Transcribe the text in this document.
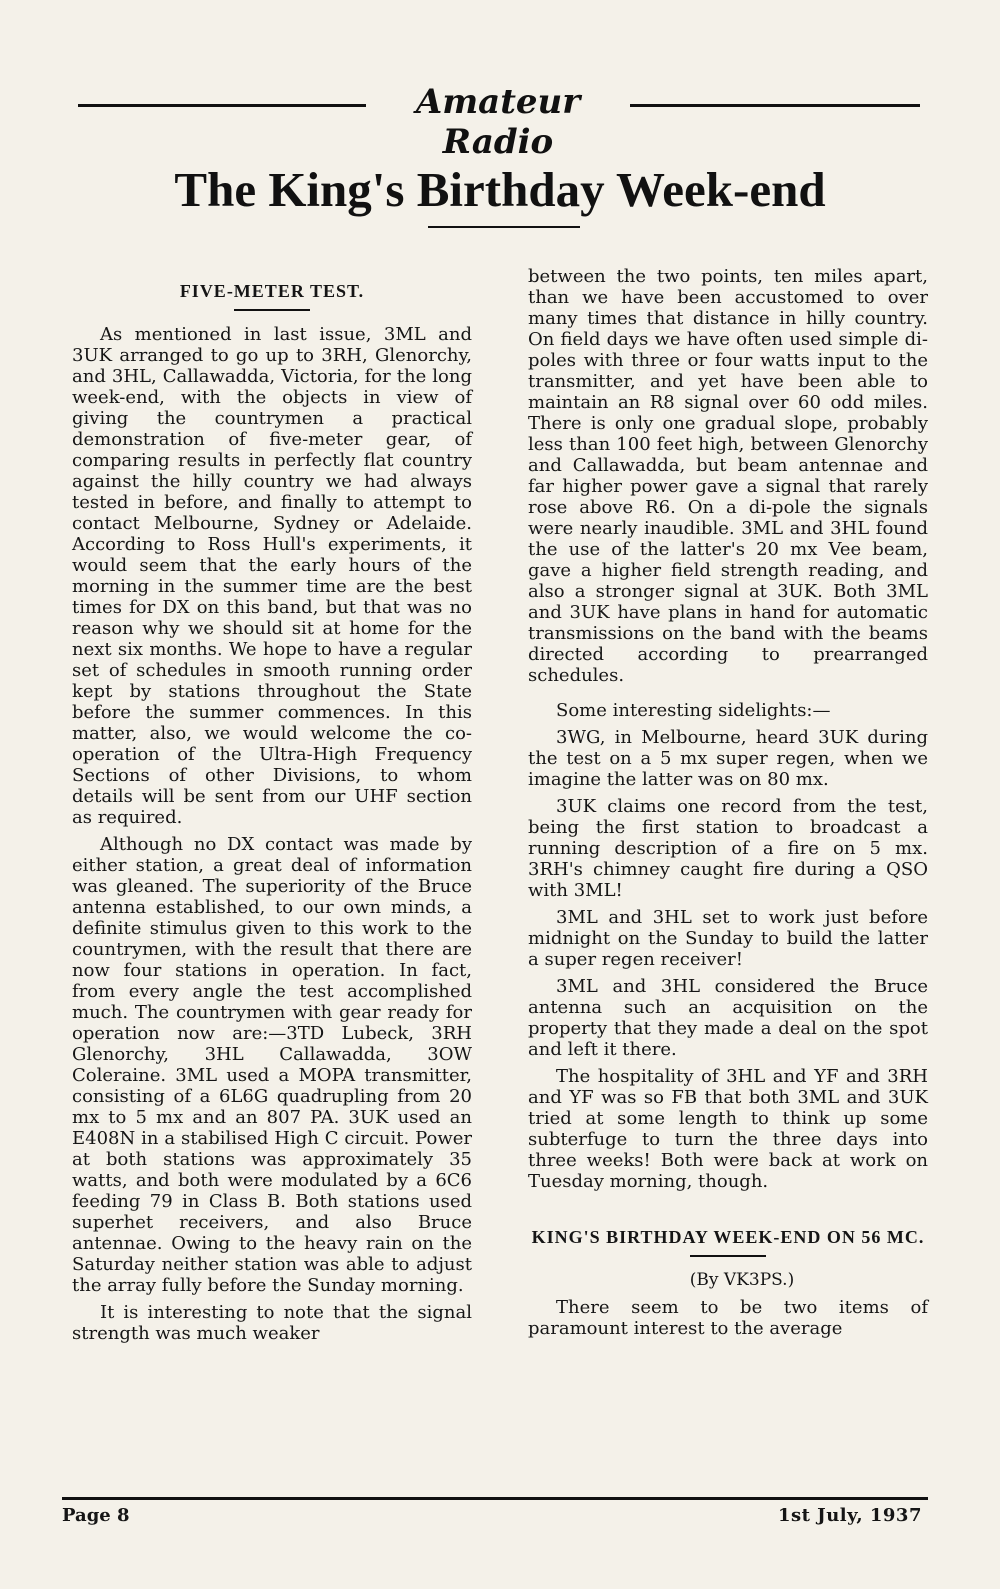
Amateur Radio
The King's Birthday Week-end
FIVE-METER TEST.

As mentioned in last issue, 3ML and 3UK arranged to go up to 3RH, Glenorchy, and 3HL, Callawadda, Victoria, for the long week-end, with the objects in view of giving the countrymen a practical demonstration of five-meter gear, of comparing results in perfectly flat country against the hilly country we had always tested in before, and finally to attempt to contact Melbourne, Sydney or Adelaide. According to Ross Hull's experiments, it would seem that the early hours of the morning in the summer time are the best times for DX on this band, but that was no reason why we should sit at home for the next six months. We hope to have a regular set of schedules in smooth running order kept by stations throughout the State before the summer commences. In this matter, also, we would welcome the co-operation of the Ultra-High Frequency Sections of other Divisions, to whom details will be sent from our UHF section as required.

Although no DX contact was made by either station, a great deal of information was gleaned. The superiority of the Bruce antenna established, to our own minds, a definite stimulus given to this work to the countrymen, with the result that there are now four stations in operation. In fact, from every angle the test accomplished much. The countrymen with gear ready for operation now are:—3TD Lubeck, 3RH Glenorchy, 3HL Callawadda, 3OW Coleraine. 3ML used a MOPA transmitter, consisting of a 6L6G quadrupling from 20 mx to 5 mx and an 807 PA. 3UK used an E408N in a stabilised High C circuit. Power at both stations was approximately 35 watts, and both were modulated by a 6C6 feeding 79 in Class B. Both stations used superhet receivers, and also Bruce antennae. Owing to the heavy rain on the Saturday neither station was able to adjust the array fully before the Sunday morning.

It is interesting to note that the signal strength was much weaker

between the two points, ten miles apart, than we have been accustomed to over many times that distance in hilly country. On field days we have often used simple di-poles with three or four watts input to the transmitter, and yet have been able to maintain an R8 signal over 60 odd miles. There is only one gradual slope, probably less than 100 feet high, between Glenorchy and Callawadda, but beam antennae and far higher power gave a signal that rarely rose above R6. On a di-pole the signals were nearly inaudible. 3ML and 3HL found the use of the latter's 20 mx Vee beam, gave a higher field strength reading, and also a stronger signal at 3UK. Both 3ML and 3UK have plans in hand for automatic transmissions on the band with the beams directed according to prearranged schedules.

Some interesting sidelights:—

3WG, in Melbourne, heard 3UK during the test on a 5 mx super regen, when we imagine the latter was on 80 mx.

3UK claims one record from the test, being the first station to broadcast a running description of a fire on 5 mx. 3RH's chimney caught fire during a QSO with 3ML!

3ML and 3HL set to work just before midnight on the Sunday to build the latter a super regen receiver!

3ML and 3HL considered the Bruce antenna such an acquisition on the property that they made a deal on the spot and left it there.

The hospitality of 3HL and YF and 3RH and YF was so FB that both 3ML and 3UK tried at some length to think up some subterfuge to turn the three days into three weeks! Both were back at work on Tuesday morning, though.

KING'S BIRTHDAY WEEK-END ON 56 MC.

(By VK3PS.)

There seem to be two items of paramount interest to the average

Page 8	1st July, 1937
